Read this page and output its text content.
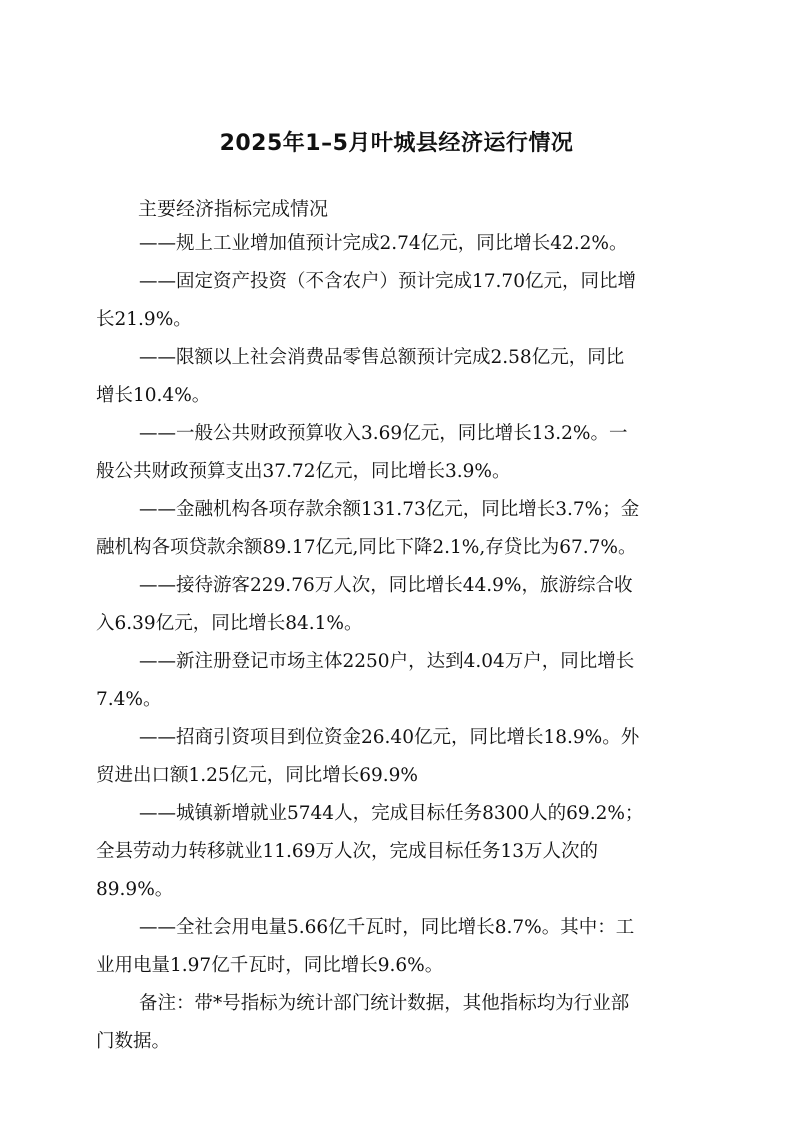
2025年1–5月叶城县经济运行情况
主要经济指标完成情况

——规上工业增加值预计完成2.74亿元，同比增长42.2%。

——固定资产投资（不含农户）预计完成17.70亿元，同比增
长21.9%。

——限额以上社会消费品零售总额预计完成2.58亿元，同比
增长10.4%。

——一般公共财政预算收入3.69亿元，同比增长13.2%。一
般公共财政预算支出37.72亿元，同比增长3.9%。

——金融机构各项存款余额131.73亿元，同比增长3.7%；金
融机构各项贷款余额89.17亿元,同比下降2.1%,存贷比为67.7%。

——接待游客229.76万人次，同比增长44.9%，旅游综合收
入6.39亿元，同比增长84.1%。

——新注册登记市场主体2250户，达到4.04万户，同比增长
7.4%。

——招商引资项目到位资金26.40亿元，同比增长18.9%。外
贸进出口额1.25亿元，同比增长69.9%

——城镇新增就业5744人，完成目标任务8300人的69.2%；
全县劳动力转移就业11.69万人次，完成目标任务13万人次的
89.9%。

——全社会用电量5.66亿千瓦时，同比增长8.7%。其中：工
业用电量1.97亿千瓦时，同比增长9.6%。

备注：带*号指标为统计部门统计数据，其他指标均为行业部
门数据。
